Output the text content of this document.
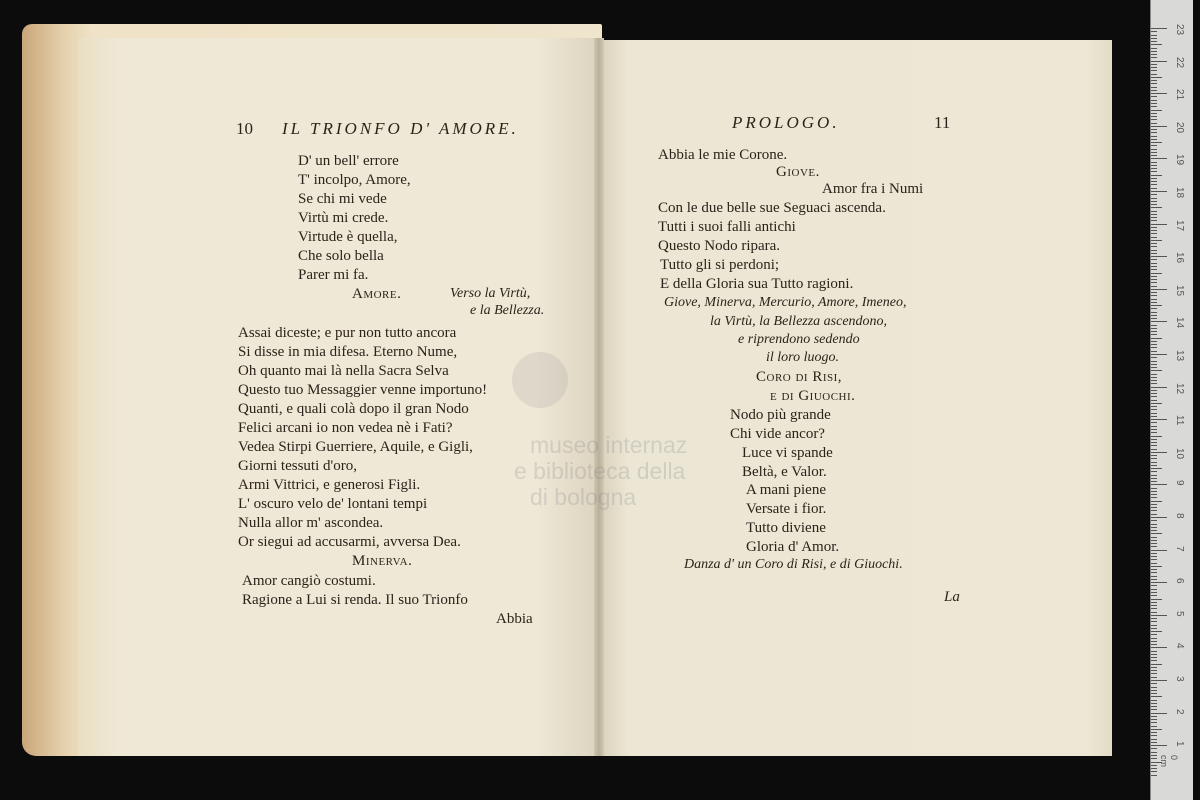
10 IL TRIONFO D' AMORE.
D' un bell' errore
T' incolpo, Amore,
Se chi mi vede
Virtù mi crede.
Virtude è quella,
Che solo bella
Parer mi fa.
Amore.	Verso la Virtù,
e la Bellezza.
Assai diceste; e pur non tutto ancora
Si disse in mia difesa. Eterno Nume,
Oh quanto mai là nella Sacra Selva
Questo tuo Messaggier venne importuno!
Quanti, e quali colà dopo il gran Nodo
Felici arcani io non vedea nè i Fati?
Vedea Stirpi Guerriere, Aquile, e Gigli,
Giorni tessuti d'oro,
Armi Vittrici, e generosi Figli.
L' oscuro velo de' lontani tempi
Nulla allor m' ascondea.
Or siegui ad accusarmi, avversa Dea.
Minerva.
Amor cangiò costumi.
Ragione a Lui si renda. Il suo Trionfo
Abbia
PROLOGO.	11
Abbia le mie Corone.
Giove.
Amor fra i Numi
Con le due belle sue Seguaci ascenda.
Tutti i suoi falli antichi
Questo Nodo ripara.
Tutto gli si perdoni;
E della Gloria sua Tutto ragioni.
Giove, Minerva, Mercurio, Amore, Imeneo,
la Virtù, la Bellezza ascendono,
e riprendono sedendo
il loro luogo.
Coro di Risi,
e di Giuochi.
Nodo più grande
Chi vide ancor?
Luce vi spande
Beltà, e Valor.
A mani piene
Versate i fior.
Tutto diviene
Gloria d' Amor.
Danza d' un Coro di Risi, e di Giuochi.
La
museo internaz
e biblioteca della
di bologna
23
22
21
20
19
18
17
16
15
14
13
12
11
10
9
8
7
6
5
4
3
2
1
0 cm
